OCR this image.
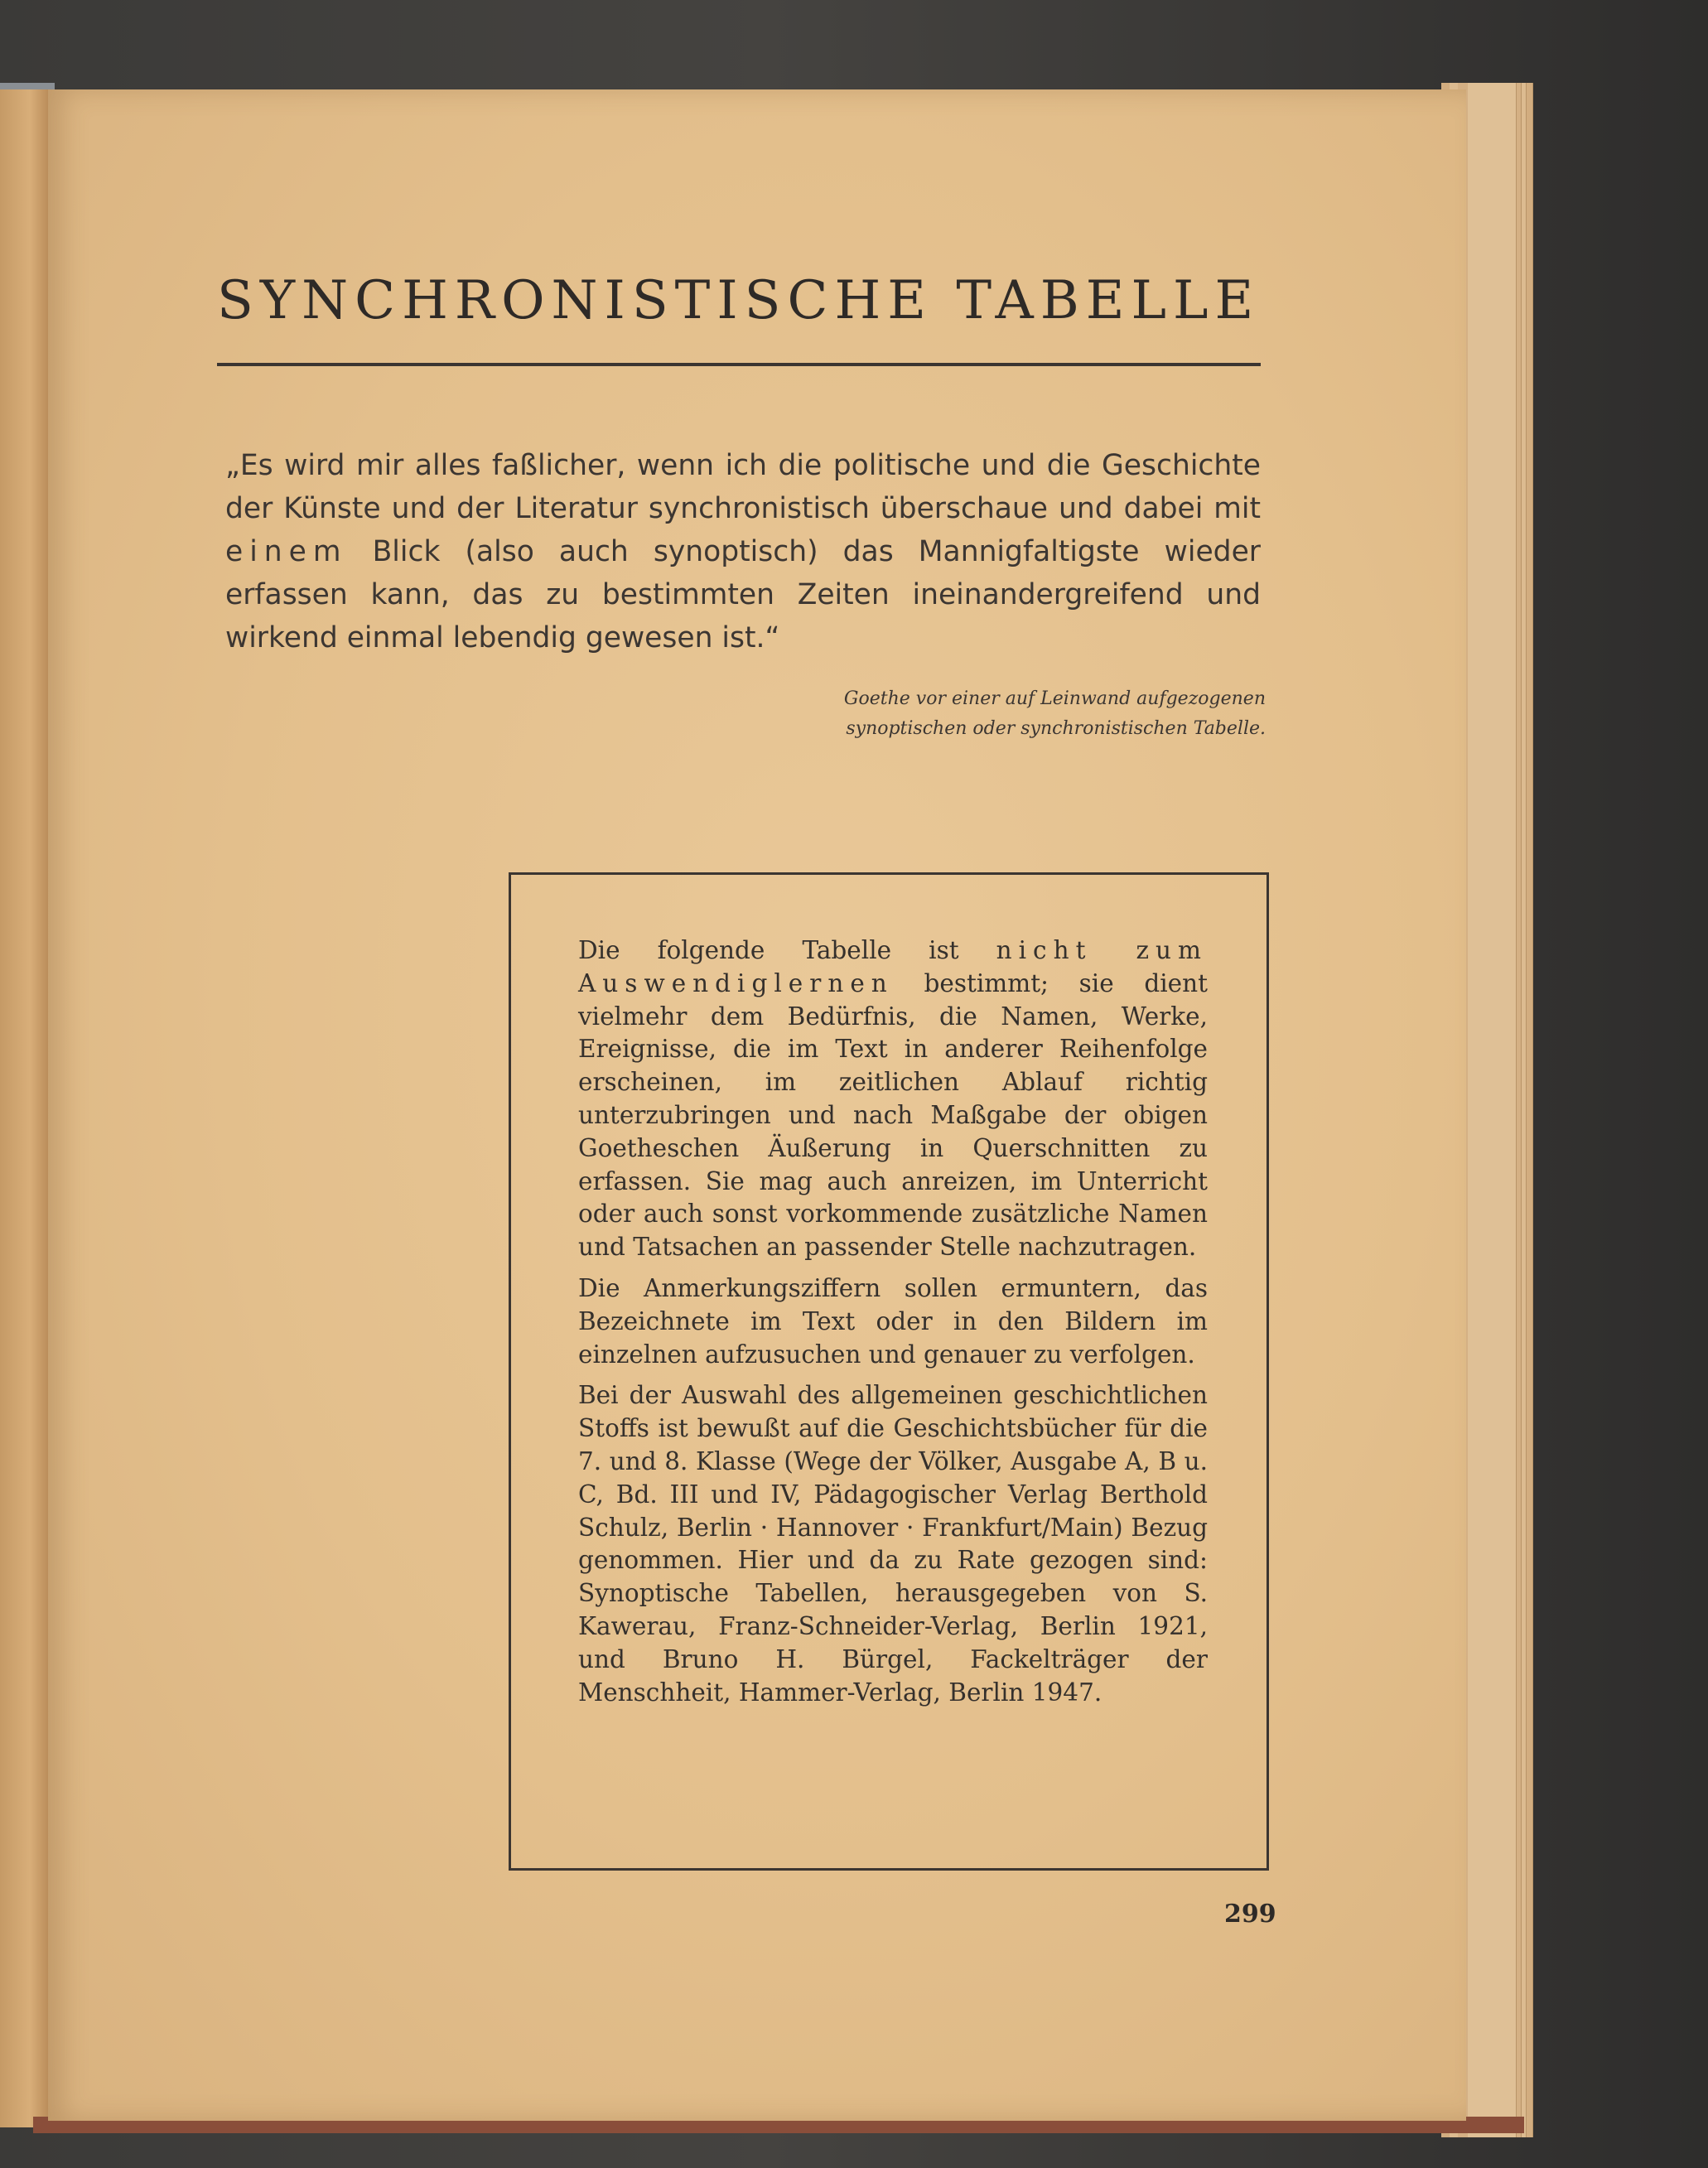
SYNCHRONISTISCHE TABELLE

„Es wird mir alles faßlicher, wenn ich die politische und die Geschichte der Künste und der Literatur synchronistisch überschaue und dabei mit einem Blick (also auch synoptisch) das Mannigfaltigste wieder erfassen kann, das zu bestimmten Zeiten ineinandergreifend und wirkend einmal lebendig gewesen ist.“

Goethe vor einer auf Leinwand aufgezogenen
synoptischen oder synchronistischen Tabelle.

Die folgende Tabelle ist nicht zum Auswendiglernen bestimmt; sie dient vielmehr dem Bedürfnis, die Namen, Werke, Ereignisse, die im Text in anderer Reihenfolge erscheinen, im zeitlichen Ablauf richtig unterzubringen und nach Maßgabe der obigen Goetheschen Äußerung in Querschnitten zu erfassen. Sie mag auch anreizen, im Unterricht oder auch sonst vorkommende zusätzliche Namen und Tatsachen an passender Stelle nachzutragen.

Die Anmerkungsziffern sollen ermuntern, das Bezeichnete im Text oder in den Bildern im einzelnen aufzusuchen und genauer zu verfolgen.

Bei der Auswahl des allgemeinen geschichtlichen Stoffs ist bewußt auf die Geschichtsbücher für die 7. und 8. Klasse (Wege der Völker, Ausgabe A, B u. C, Bd. III und IV, Pädagogischer Verlag Berthold Schulz, Berlin · Hannover · Frankfurt/Main) Bezug genommen. Hier und da zu Rate gezogen sind: Synoptische Tabellen, herausgegeben von S. Kawerau, Franz-Schneider-Verlag, Berlin 1921, und Bruno H. Bürgel, Fackelträger der Menschheit, Hammer-Verlag, Berlin 1947.

299
